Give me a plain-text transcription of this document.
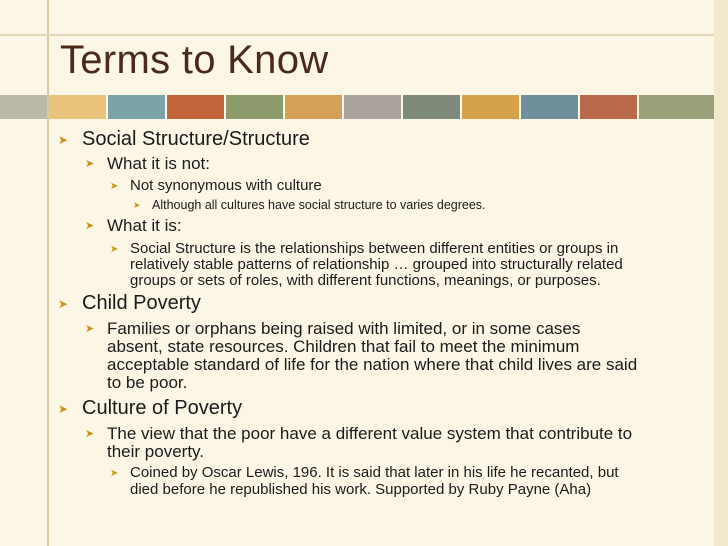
Terms to Know
➤ Social Structure/Structure
➤ What it is not:
➤ Not synonymous with culture
➤ Although all cultures have social structure to varies degrees.
➤ What it is:
➤ Social Structure is the relationships between different entities or groups in
relatively stable patterns of relationship … grouped into structurally related
groups or sets of roles, with different functions, meanings, or purposes.
➤ Child Poverty
➤ Families or orphans being raised with limited, or in some cases
absent, state resources. Children that fail to meet the minimum
acceptable standard of life for the nation where that child lives are said
to be poor.
➤ Culture of Poverty
➤ The view that the poor have a different value system that contribute to
their poverty.
➤ Coined by Oscar Lewis, 196. It is said that later in his life he recanted, but
died before he republished his work. Supported by Ruby Payne (Aha)
